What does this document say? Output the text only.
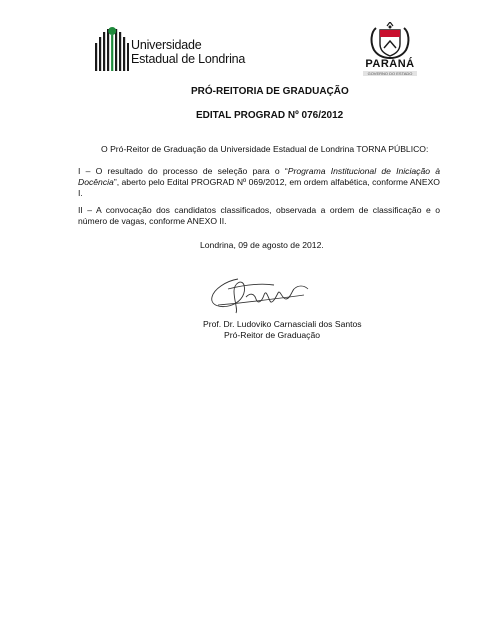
Universidade
Estadual de Londrina	PARANÁ
GOVERNO DO ESTADO
PRÓ-REITORIA DE GRADUAÇÃO
EDITAL PROGRAD Nº 076/2012
O Pró-Reitor de Graduação da Universidade Estadual de Londrina TORNA PÚBLICO:
I – O resultado do processo de seleção para o “Programa Institucional de Iniciação à Docência”, aberto pelo Edital PROGRAD Nº 069/2012, em ordem alfabética, conforme ANEXO I.
II – A convocação dos candidatos classificados, observada a ordem de classificação e o número de vagas, conforme ANEXO II.
Londrina, 09 de agosto de 2012.
Prof. Dr. Ludoviko Carnasciali dos Santos
Pró-Reitor de Graduação
